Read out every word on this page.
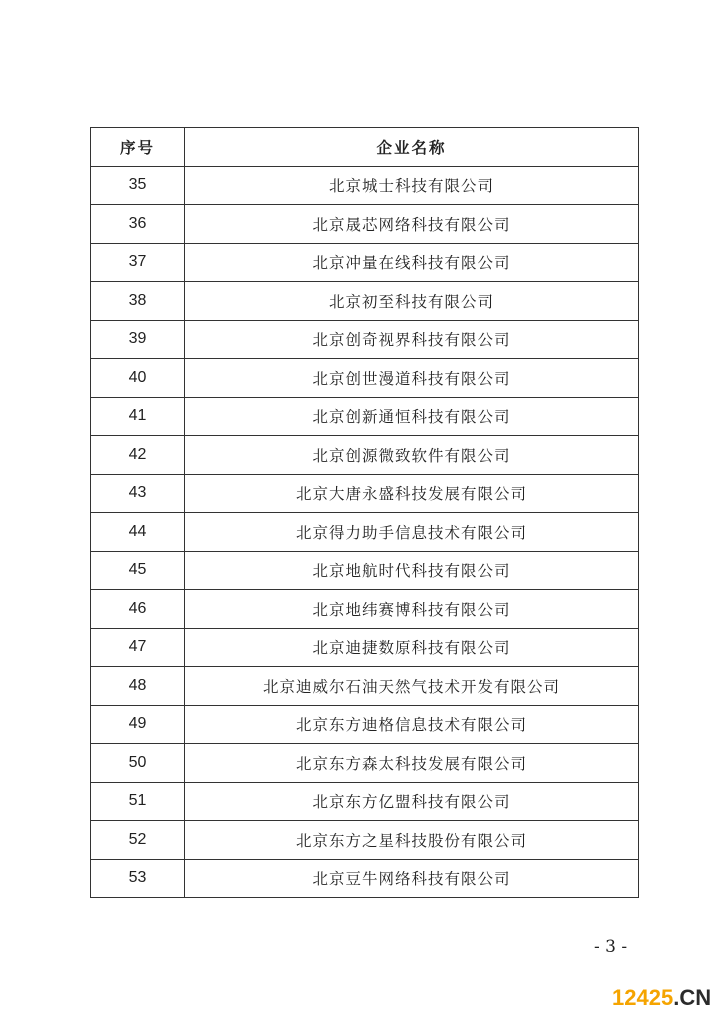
序号	企业名称
35	北京城士科技有限公司
36	北京晟芯网络科技有限公司
37	北京冲量在线科技有限公司
38	北京初至科技有限公司
39	北京创奇视界科技有限公司
40	北京创世漫道科技有限公司
41	北京创新通恒科技有限公司
42	北京创源微致软件有限公司
43	北京大唐永盛科技发展有限公司
44	北京得力助手信息技术有限公司
45	北京地航时代科技有限公司
46	北京地纬赛博科技有限公司
47	北京迪捷数原科技有限公司
48	北京迪威尔石油天然气技术开发有限公司
49	北京东方迪格信息技术有限公司
50	北京东方森太科技发展有限公司
51	北京东方亿盟科技有限公司
52	北京东方之星科技股份有限公司
53	北京豆牛网络科技有限公司
- 3 -
12425.CN
